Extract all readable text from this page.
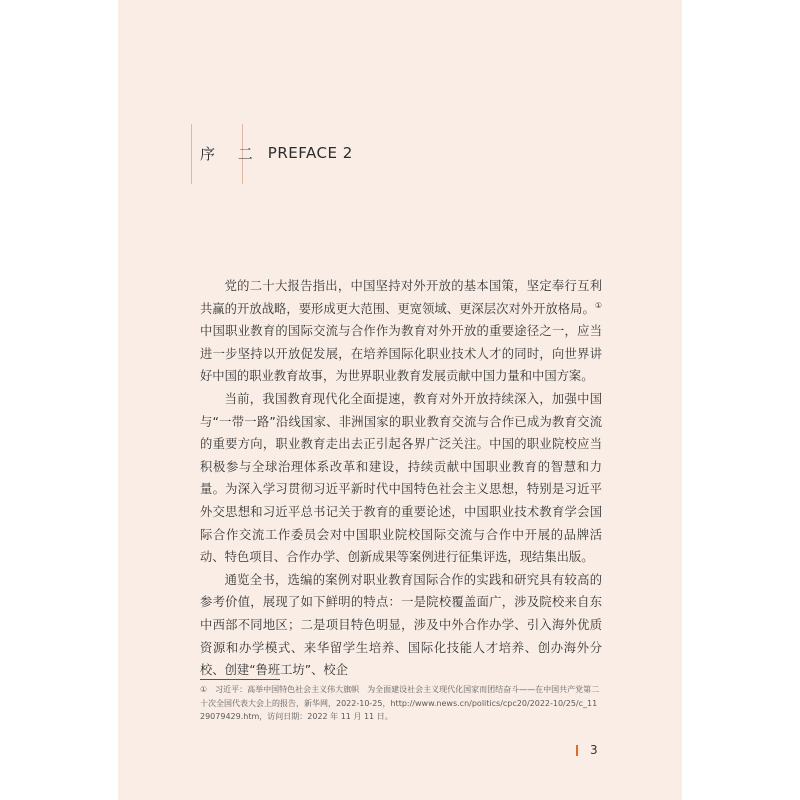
序 二 PREFACE 2

党的二十大报告指出，中国坚持对外开放的基本国策，坚定奉行互利共赢的开放战略，要形成更大范围、更宽领域、更深层次对外开放格局。①中国职业教育的国际交流与合作作为教育对外开放的重要途径之一，应当进一步坚持以开放促发展，在培养国际化职业技术人才的同时，向世界讲好中国的职业教育故事，为世界职业教育发展贡献中国力量和中国方案。

当前，我国教育现代化全面提速，教育对外开放持续深入，加强中国与“一带一路”沿线国家、非洲国家的职业教育交流与合作已成为教育交流的重要方向，职业教育走出去正引起各界广泛关注。中国的职业院校应当积极参与全球治理体系改革和建设，持续贡献中国职业教育的智慧和力量。为深入学习贯彻习近平新时代中国特色社会主义思想，特别是习近平外交思想和习近平总书记关于教育的重要论述，中国职业技术教育学会国际合作交流工作委员会对中国职业院校国际交流与合作中开展的品牌活动、特色项目、合作办学、创新成果等案例进行征集评选，现结集出版。

通览全书，选编的案例对职业教育国际合作的实践和研究具有较高的参考价值，展现了如下鲜明的特点：一是院校覆盖面广，涉及院校来自东中西部不同地区；二是项目特色明显，涉及中外合作办学、引入海外优质资源和办学模式、来华留学生培养、国际化技能人才培养、创办海外分校、创建“鲁班工坊”、校企

①　习近平：高举中国特色社会主义伟大旗帜　为全面建设社会主义现代化国家而团结奋斗——在中国共产党第二十次全国代表大会上的报告，新华网，2022-10-25，http://www.news.cn/politics/cpc20/2022-10/25/c_1129079429.htm，访问日期：2022 年 11 月 11 日。
3
